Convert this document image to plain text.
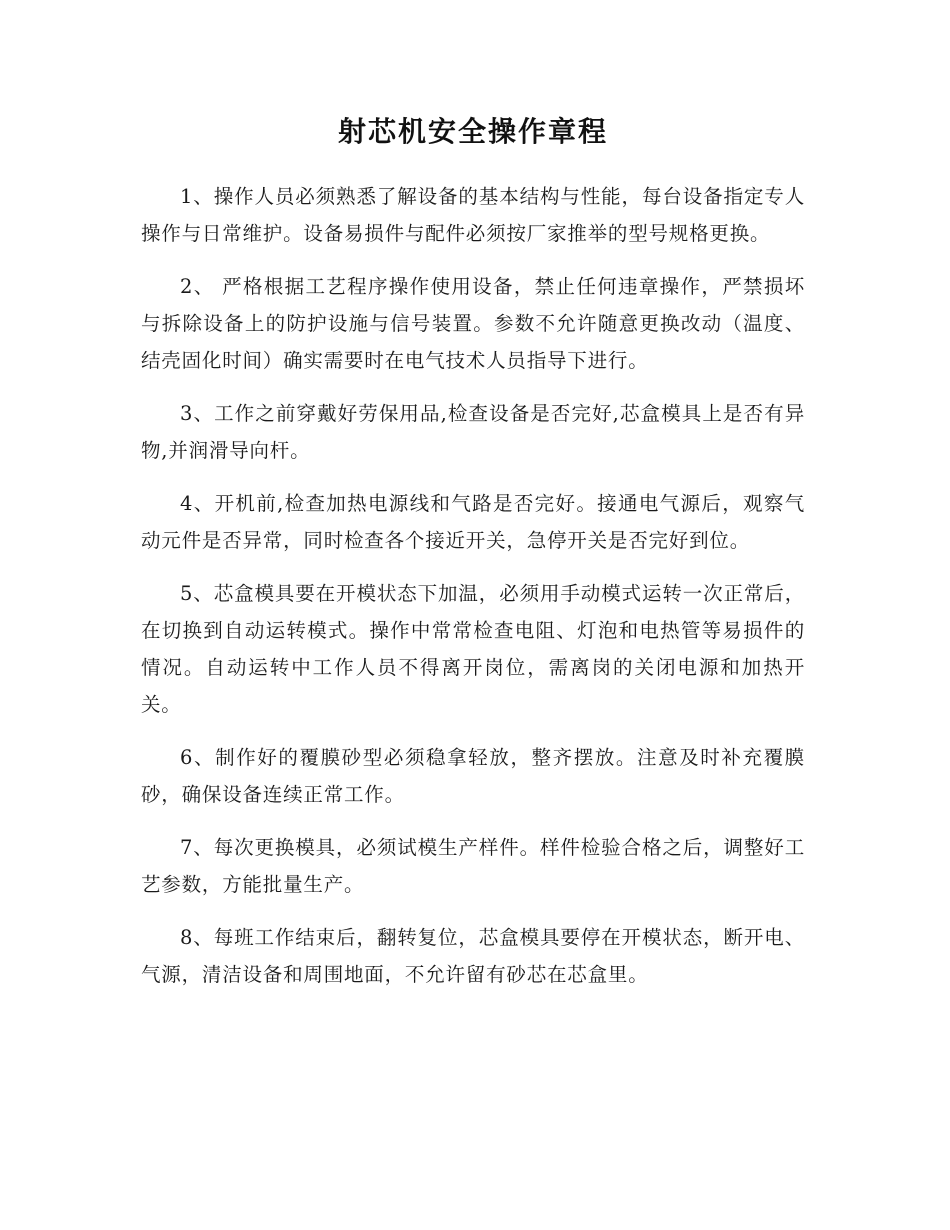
射芯机安全操作章程

1、操作人员必须熟悉了解设备的基本结构与性能，每台设备指定专人操作与日常维护。设备易损件与配件必须按厂家推举的型号规格更换。

2、 严格根据工艺程序操作使用设备，禁止任何违章操作，严禁损坏与拆除设备上的防护设施与信号装置。参数不允许随意更换改动（温度、结壳固化时间）确实需要时在电气技术人员指导下进行。

3、工作之前穿戴好劳保用品,检查设备是否完好,芯盒模具上是否有异物,并润滑导向杆。

4、开机前,检查加热电源线和气路是否完好。接通电气源后，观察气动元件是否异常，同时检查各个接近开关，急停开关是否完好到位。

5、芯盒模具要在开模状态下加温，必须用手动模式运转一次正常后，在切换到自动运转模式。操作中常常检查电阻、灯泡和电热管等易损件的情况。自动运转中工作人员不得离开岗位，需离岗的关闭电源和加热开关。

6、制作好的覆膜砂型必须稳拿轻放，整齐摆放。注意及时补充覆膜砂，确保设备连续正常工作。

7、每次更换模具，必须试模生产样件。样件检验合格之后，调整好工艺参数，方能批量生产。

8、每班工作结束后，翻转复位，芯盒模具要停在开模状态，断开电、气源，清洁设备和周围地面，不允许留有砂芯在芯盒里。
